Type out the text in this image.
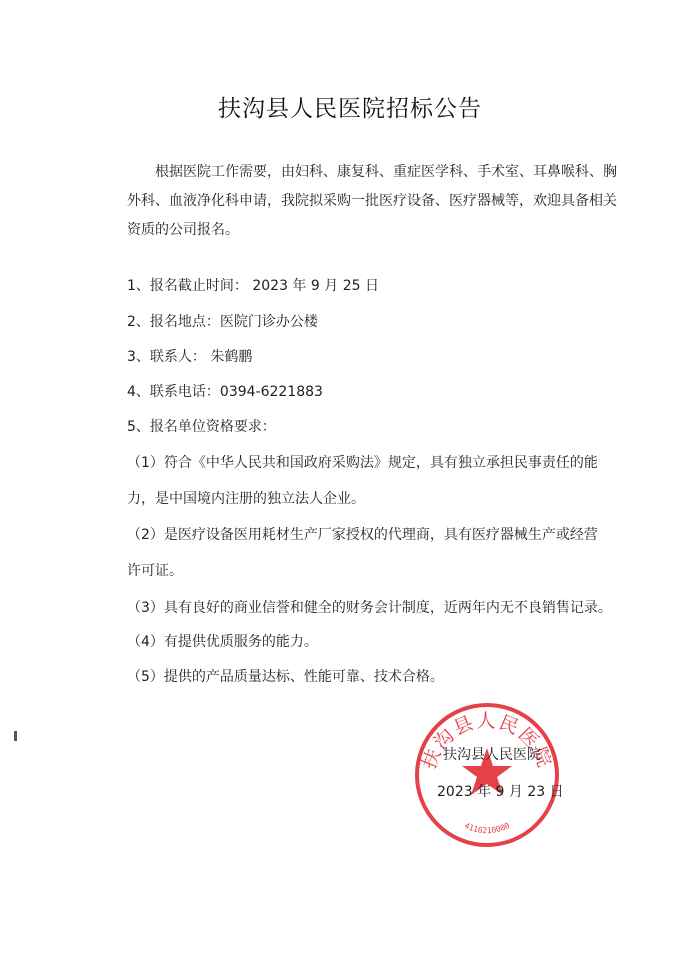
扶沟县人民医院招标公告
根据医院工作需要，由妇科、康复科、重症医学科、手术室、耳鼻喉科、胸外科、血液净化科申请，我院拟采购一批医疗设备、医疗器械等，欢迎具备相关资质的公司报名。
1、报名截止时间： 2023 年 9 月 25 日
2、报名地点：医院门诊办公楼
3、联系人： 朱鹤鹏
4、联系电话：0394-6221883
5、报名单位资格要求：
（1）符合《中华人民共和国政府采购法》规定，具有独立承担民事责任的能力，是中国境内注册的独立法人企业。
（2）是医疗设备医用耗材生产厂家授权的代理商，具有医疗器械生产或经营许可证。
（3）具有良好的商业信誉和健全的财务会计制度，近两年内无不良销售记录。
（4）有提供优质服务的能力。
（5）提供的产品质量达标、性能可靠、技术合格。
扶沟县人民医院
4116210000
扶沟县人民医院
2023 年 9 月 23 日
